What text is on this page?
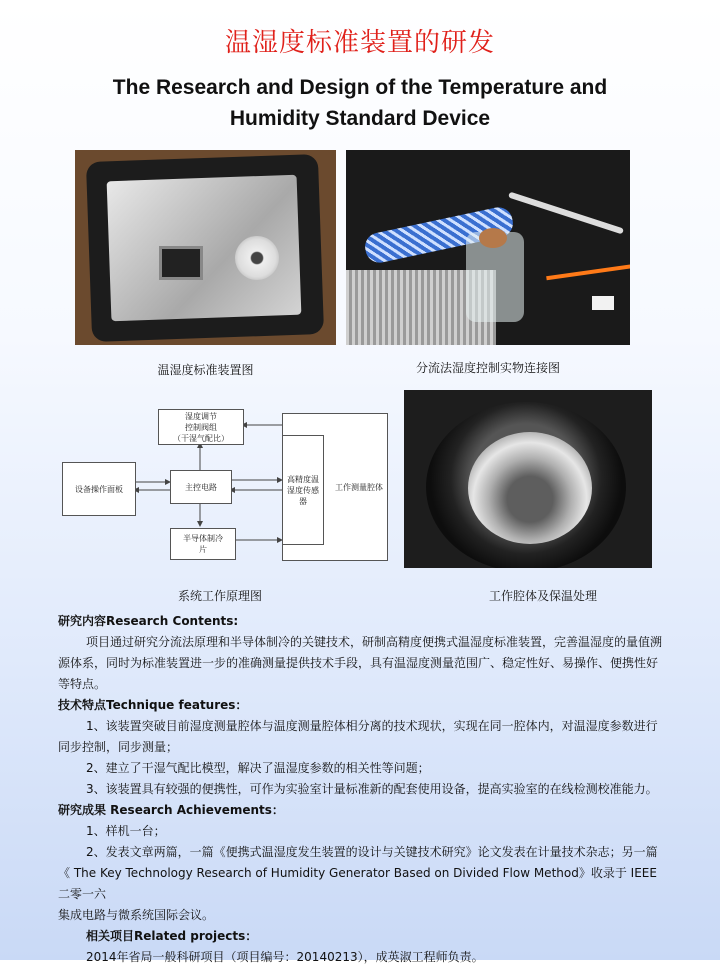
温湿度标准装置的研发
The Research and Design of the Temperature and
Humidity Standard Device
温湿度标准装置图	分流法湿度控制实物连接图
湿度调节
控制阀组
（干湿气配比）
设备操作面板	主控电路
半导体制冷
片
工作测量腔体
高精度温
湿度传感
器
系统工作原理图	工作腔体及保温处理
研究内容Research Contents:
项目通过研究分流法原理和半导体制冷的关键技术，研制高精度便携式温湿度标准装置，完善温湿度的量值溯
源体系，同时为标准装置进一步的准确测量提供技术手段，具有温湿度测量范围广、稳定性好、易操作、便携性好
等特点。
技术特点Technique features：
1、该装置突破目前湿度测量腔体与温度测量腔体相分离的技术现状，实现在同一腔体内，对温湿度参数进行
同步控制，同步测量；
2、建立了干湿气配比模型，解决了温湿度参数的相关性等问题；
3、该装置具有较强的便携性，可作为实验室计量标准新的配套使用设备，提高实验室的在线检测校准能力。
研究成果 Research Achievements：
1、样机一台；
2、发表文章两篇，一篇《便携式温湿度发生装置的设计与关键技术研究》论文发表在计量技术杂志；另一篇
《 The Key Technology Research of Humidity Generator Based on Divided Flow Method》收录于 IEEE 二零一六
集成电路与微系统国际会议。
相关项目Related projects：
2014年省局一般科研项目（项目编号：20140213），成英淑工程师负责。
